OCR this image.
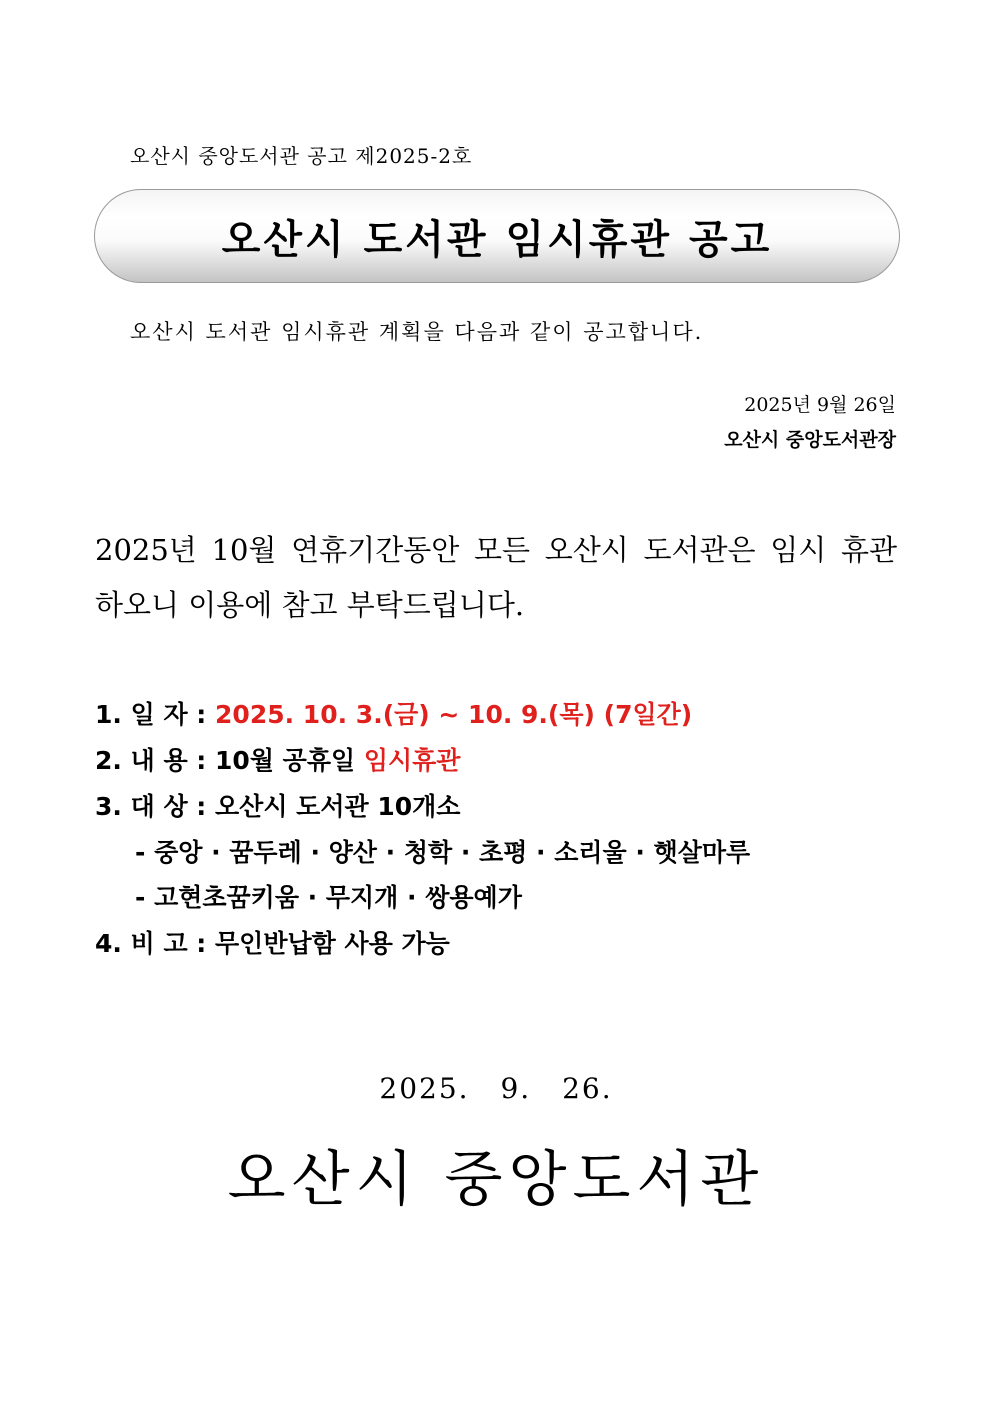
오산시 중앙도서관 공고 제2025-2호
오산시 도서관 임시휴관 공고
오산시 도서관 임시휴관 계획을 다음과 같이 공고합니다.
2025년 9월 26일
오산시 중앙도서관장
2025년 10월 연휴기간동안 모든 오산시 도서관은 임시 휴관
하오니 이용에 참고 부탁드립니다.
1. 일 자 : 2025. 10. 3.(금) ~ 10. 9.(목) (7일간)
2. 내 용 : 10월 공휴일 임시휴관
3. 대 상 : 오산시 도서관 10개소
- 중앙 · 꿈두레 · 양산 · 청학 · 초평 · 소리울 · 햇살마루
- 고현초꿈키움 · 무지개 · 쌍용예가
4. 비 고 : 무인반납함 사용 가능
2025. 9. 26.
오산시 중앙도서관
